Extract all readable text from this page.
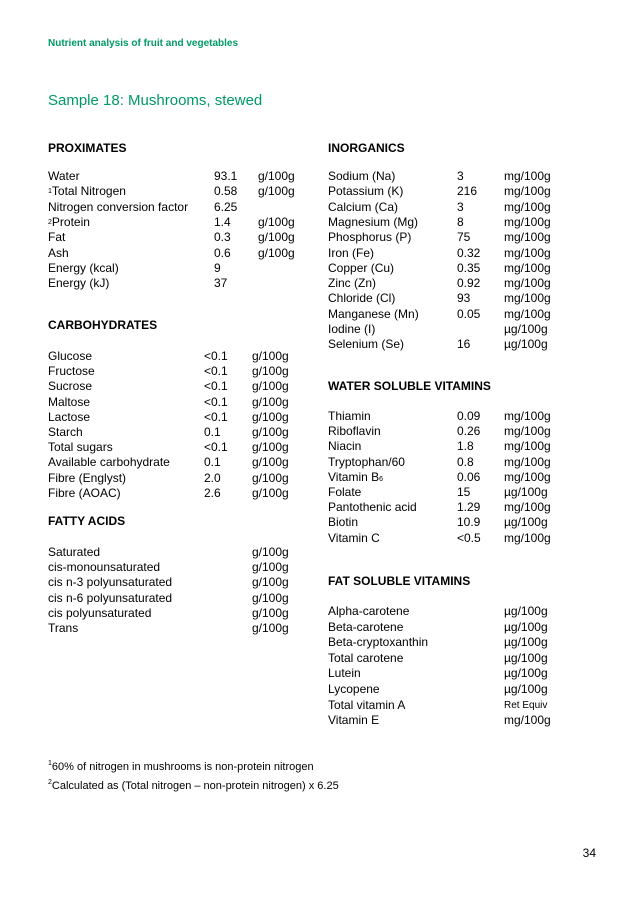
Nutrient analysis of fruit and vegetables
Sample 18: Mushrooms, stewed
PROXIMATES
Water	93.1 g/100g
$^1$Total Nitrogen	0.58 g/100g
Nitrogen conversion factor 6.25
$^2$Protein	1.4 g/100g
Fat	0.3 g/100g
Ash	0.6 g/100g
Energy (kcal)	9
Energy (kJ)	37
CARBOHYDRATES
Glucose	<0.1 g/100g
Fructose	<0.1 g/100g
Sucrose	<0.1 g/100g
Maltose	<0.1 g/100g
Lactose	<0.1 g/100g
Starch	0.1	g/100g
Total sugars	<0.1 g/100g
Available carbohydrate	0.1	g/100g
Fibre (Englyst)	2.0	g/100g
Fibre (AOAC)	2.6	g/100g
FATTY ACIDS
Saturated	g/100g
cis-monounsaturated	g/100g
cis n-3 polyunsaturated	g/100g
cis n-6 polyunsaturated	g/100g
cis polyunsaturated	g/100g
Trans	g/100g
INORGANICS
Sodium (Na)	3	mg/100g
Potassium (K)	216 mg/100g
Calcium (Ca)	3	mg/100g
Magnesium (Mg)	8	mg/100g
Phosphorus (P)	75	mg/100g
Iron (Fe)	0.32 mg/100g
Copper (Cu)	0.35 mg/100g
Zinc (Zn)	0.92 mg/100g
Chloride (Cl)	93	mg/100g
Manganese (Mn)	0.05 mg/100g
Iodine (I)	µg/100g
Selenium (Se)	16	µg/100g
WATER SOLUBLE VITAMINS
Thiamin	0.09 mg/100g
Riboflavin	0.26 mg/100g
Niacin	1.8	mg/100g
Tryptophan/60	0.8	mg/100g
Vitamin B6	0.06 mg/100g
Folate	15	µg/100g
Pantothenic acid	1.29 mg/100g
Biotin	10.9 µg/100g
Vitamin C	<0.5 mg/100g
FAT SOLUBLE VITAMINS
Alpha-carotene	µg/100g
Beta-carotene	µg/100g
Beta-cryptoxanthin	µg/100g
Total carotene	µg/100g
Lutein	µg/100g
Lycopene	µg/100g
Total vitamin A	Ret Equiv
Vitamin E	mg/100g
$^1$60% of nitrogen in mushrooms is non-protein nitrogen
$^2$Calculated as (Total nitrogen – non-protein nitrogen) x 6.25
34
